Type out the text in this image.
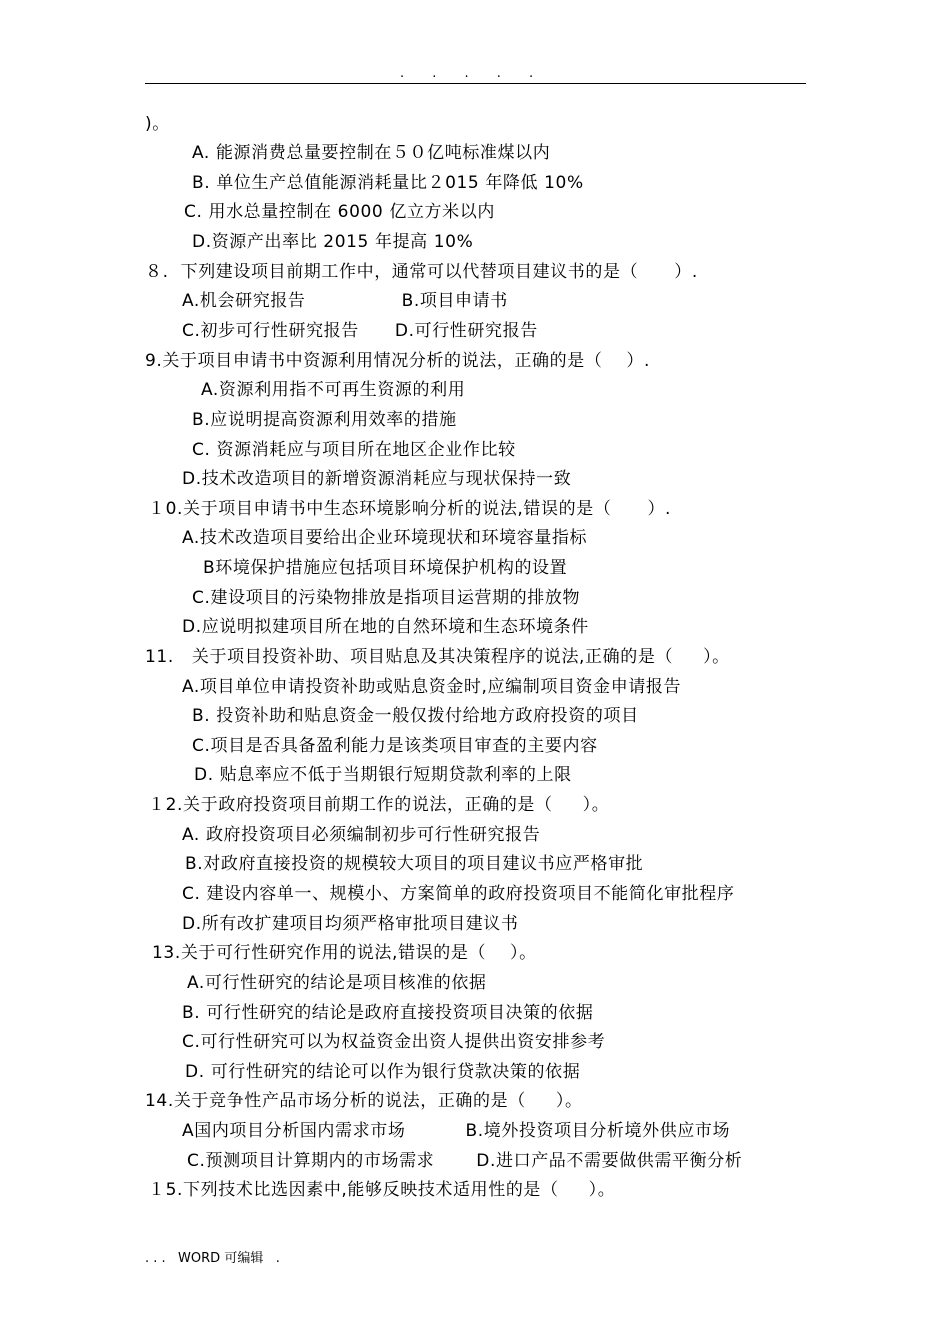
. . . . .
)。
A. 能源消费总量要控制在５０亿吨标准煤以内
B. 单位生产总值能源消耗量比２015 年降低 10%
C. 用水总量控制在 6000 亿立方米以内
D.资源产出率比 2015 年提高 10%
８.  下列建设项目前期工作中，通常可以代替项目建议书的是（      ）.
A.机会研究报告                B.项目申请书
C.初步可行性研究报告      D.可行性研究报告
9.关于项目申请书中资源利用情况分析的说法，正确的是（    ）.
A.资源利用指不可再生资源的利用
B.应说明提高资源利用效率的措施
C. 资源消耗应与项目所在地区企业作比较
D.技术改造项目的新增资源消耗应与现状保持一致
１0.关于项目申请书中生态环境影响分析的说法,错误的是（      ）.
A.技术改造项目要给出企业环境现状和环境容量指标
B环境保护措施应包括项目环境保护机构的设置
C.建设项目的污染物排放是指项目运营期的排放物
D.应说明拟建项目所在地的自然环境和生态环境条件
11.   关于项目投资补助、项目贴息及其决策程序的说法,正确的是（     ）。
A.项目单位申请投资补助或贴息资金时,应编制项目资金申请报告
B. 投资补助和贴息资金一般仅拨付给地方政府投资的项目
C.项目是否具备盈利能力是该类项目审查的主要内容
D. 贴息率应不低于当期银行短期贷款利率的上限
１2.关于政府投资项目前期工作的说法，正确的是（     ）。
A. 政府投资项目必须编制初步可行性研究报告
B.对政府直接投资的规模较大项目的项目建议书应严格审批
C. 建设内容单一、规模小、方案简单的政府投资项目不能简化审批程序
D.所有改扩建项目均须严格审批项目建议书
13.关于可行性研究作用的说法,错误的是（    ）。
A.可行性研究的结论是项目核准的依据
B. 可行性研究的结论是政府直接投资项目决策的依据
C.可行性研究可以为权益资金出资人提供出资安排参考
D. 可行性研究的结论可以作为银行贷款决策的依据
14.关于竞争性产品市场分析的说法，正确的是（     ）。
A国内项目分析国内需求市场          B.境外投资项目分析境外供应市场
C.预测项目计算期内的市场需求       D.进口产品不需要做供需平衡分析
１5.下列技术比选因素中,能够反映技术适用性的是（     ）。
. . .   WORD 可编辑   .
